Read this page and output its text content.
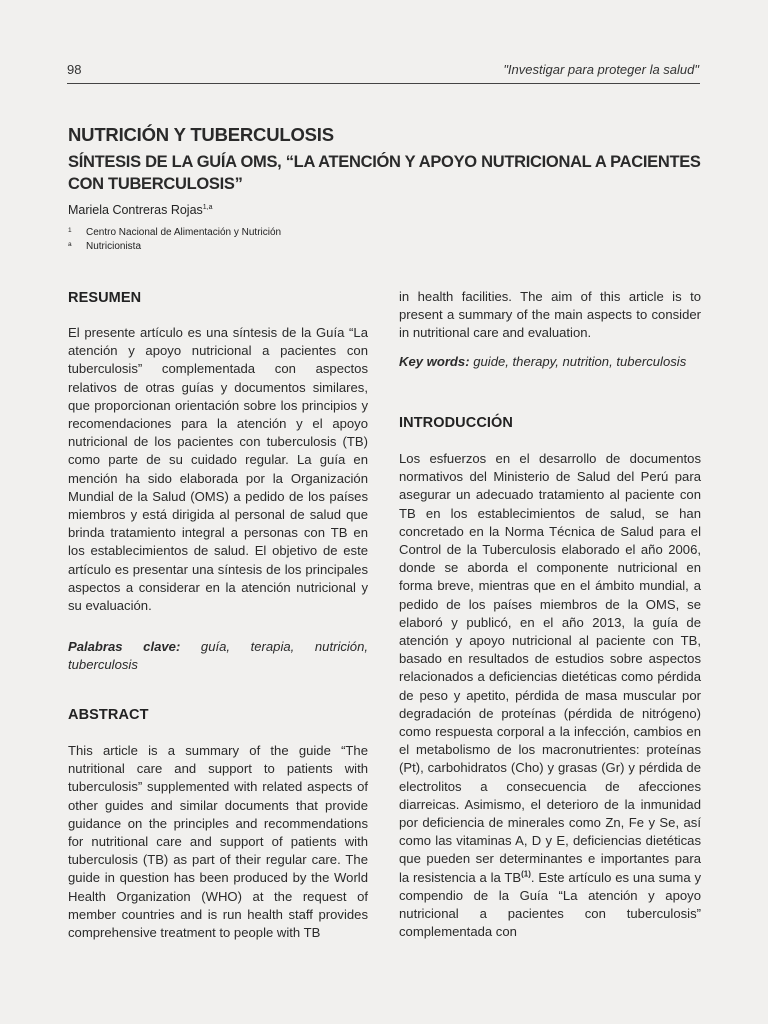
98	"Investigar para proteger la salud"
NUTRICIÓN Y TUBERCULOSIS
SÍNTESIS DE LA GUÍA OMS, “LA ATENCIÓN Y APOYO NUTRICIONAL A PACIENTES CON TUBERCULOSIS”
Mariela Contreras Rojas$^{1,a}$
1 Centro Nacional de Alimentación y Nutrición
a Nutricionista
RESUMEN

El presente artículo es una síntesis de la Guía “La atención y apoyo nutricional a pacientes con tuberculosis” complementada con aspectos relativos de otras guías y documentos similares, que proporcionan orientación sobre los principios y recomendaciones para la atención y el apoyo nutricional de los pacientes con tuberculosis (TB) como parte de su cuidado regular. La guía en mención ha sido elaborada por la Organización Mundial de la Salud (OMS) a pedido de los países miembros y está dirigida al personal de salud que brinda tratamiento integral a personas con TB en los establecimientos de salud. El objetivo de este artículo es presentar una síntesis de los principales aspectos a considerar en la atención nutricional y su evaluación.

Palabras clave: guía, terapia, nutrición, tuberculosis

ABSTRACT

This article is a summary of the guide “The nutritional care and support to patients with tuberculosis” supplemented with related aspects of other guides and similar documents that provide guidance on the principles and recommendations for nutritional care and support of patients with tuberculosis (TB) as part of their regular care. The guide in question has been produced by the World Health Organization (WHO) at the request of member countries and is run health staff provides comprehensive treatment to people with TB

in health facilities. The aim of this article is to present a summary of the main aspects to consider in nutritional care and evaluation.

Key words: guide, therapy, nutrition, tuberculosis

INTRODUCCIÓN

Los esfuerzos en el desarrollo de documentos normativos del Ministerio de Salud del Perú para asegurar un adecuado tratamiento al paciente con TB en los establecimientos de salud, se han concretado en la Norma Técnica de Salud para el Control de la Tuberculosis elaborado el año 2006, donde se aborda el componente nutricional en forma breve, mientras que en el ámbito mundial, a pedido de los países miembros de la OMS, se elaboró y publicó, en el año 2013, la guía de atención y apoyo nutricional al paciente con TB, basado en resultados de estudios sobre aspectos relacionados a deficiencias dietéticas como pérdida de peso y apetito, pérdida de masa muscular por degradación de proteínas (pérdida de nitrógeno) como respuesta corporal a la infección, cambios en el metabolismo de los macronutrientes: proteínas (Pt), carbohidratos (Cho) y grasas (Gr) y pérdida de electrolitos a consecuencia de afecciones diarreicas. Asimismo, el deterioro de la inmunidad por deficiencia de minerales como Zn, Fe y Se, así como las vitaminas A, D y E, deficiencias dietéticas que pueden ser determinantes e importantes para la resistencia a la TB$^{(1)}$. Este artículo es una suma y compendio de la Guía “La atención y apoyo nutricional a pacientes con tuberculosis” complementada con
